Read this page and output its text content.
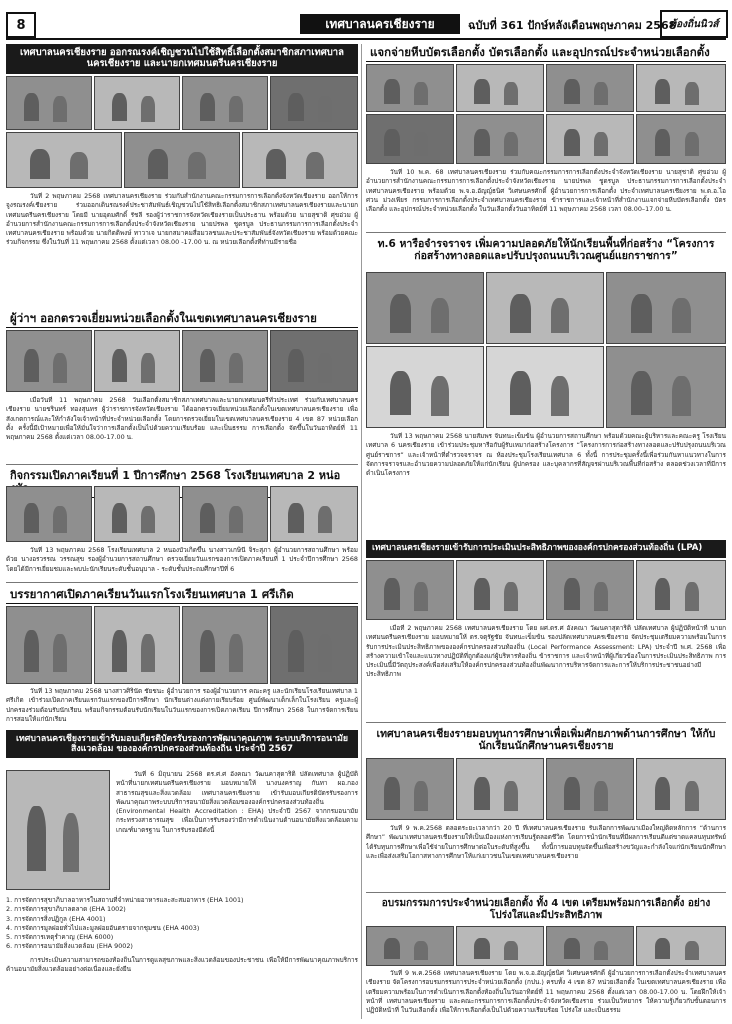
8	เทศบาลนครเชียงราย	ฉบับที่ 361 ปักษ์หลังเดือนพฤษภาคม 2568
ท้องถิ่นนิวส์
เทศบาลนครเชียงราย ออกรณรงค์เชิญชวนไปใช้สิทธิ์เลือกตั้งสมาชิกสภาเทศบาลนครเชียงราย และนายกเทศมนตรีนครเชียงราย
วันที่ 2 พฤษภาคม 2568 เทศบาลนครเชียงราย ร่วมกับสำนักงานคณะกรรมการการเลือกตั้งจังหวัดเชียงราย ออกให้การจูงรณรงค์เชียงราย ร่วมออกเดินรณรงค์ประชาสัมพันธ์เชิญชวนไปใช้สิทธิเลือกตั้งสมาชิกสภาเทศบาลนครเชียงรายและนายกเทศมนตรีนครเชียงราย โดยมี นายอุดมศักดิ์ รัชลี รองผู้ว่าราชการจังหวัดเชียงรายเป็นประธาน พร้อมด้วย นายสุชาติ ศุขอ่วม ผู้อำนวยการสำนักงานคณะกรรมการการเลือกตั้งประจำจังหวัดเชียงราย นายปรพล ชูดรบูล ประธานกรรมการการเลือกตั้งประจำเทศบาลนครเชียงราย พร้อมด้วย นายกิตติพงษ์ ทาวาเจ นายกสมาคมสื่อมวลชนและประชาสัมพันธ์จังหวัดเชียงราย พร้อมด้วยคณะ ร่วมกิจกรรม ซึ่งในวันที่ 11 พฤษภาคม 2568 ตั้งแต่เวลา 08.00 -17.00 น. ณ หน่วยเลือกตั้งที่ท่านมีรายชื่อ
ผู้ว่าฯ ออกตรวจเยี่ยมหน่วยเลือกตั้งในเขตเทศบาลนครเชียงราย
เมื่อวันที่ 11 พฤษภาคม 2568 วันเลือกตั้งสมาชิกสภาเทศบาลและนายกเทศมนตรีทั่วประเทศ ร่วมกับเทศบาลนครเชียงราย นายชรินทร์ ทองสุนทร ผู้ว่าราชการจังหวัดเชียงราย ได้ออกตรวจเยี่ยมหน่วยเลือกตั้งในเขตเทศบาลนครเชียงราย เพื่อสังเกตการณ์และให้กำลังใจเจ้าหน้าที่ประจำหน่วยเลือกตั้ง โดยการตรวจเยี่ยมในเขตเทศบาลนครเชียงราย 4 เขต 87 หน่วยเลือกตั้ง ครั้งนี้มีเป้าหมายเพื่อให้มั่นใจว่าการเลือกตั้งเป็นไปด้วยความเรียบร้อย และเป็นธรรม การเลือกตั้ง จัดขึ้นในวันอาทิตย์ที่ 11 พฤษภาคม 2568 ตั้งแต่เวลา 08.00-17.00 น.
กิจกรรมเปิดภาคเรียนที่ 1 ปีการศึกษา 2568 โรงเรียนเทศบาล 2 หน่อ
วันที่ 13 พฤษภาคม 2568 โรงเรียนเทศบาล 2 หนองบัวเกิดขึ้น นางสาวเกษินี จิระสุภา ผู้อำนวยการสถานศึกษา พร้อมด้วย นางอรวรรณ วรรณสุข รองผู้อำนวยการสถานศึกษา ตรวจเยี่ยมวันแรกของการเปิดภาคเรียนที่ 1 ประจำปีการศึกษา 2568 โดยได้มีการเยี่ยมชมและพบปะนักเรียนระดับชั้นอนุบาล - ระดับชั้นประถมศึกษาปีที่ 6
บรรยากาศเปิดภาคเรียนวันแรกโรงเรียนเทศบาล 1 ศรีเกิด
วันที่ 13 พฤษภาคม 2568 นางสาวศิรินัด ชัยชนะ ผู้อำนวยการ รองผู้อำนวยการ คณะครู และนักเรียนโรงเรียนเทศบาล 1 ศรีเกิด เข้าร่วมเปิดภาคเรียนแรกวันแรกของปีการศึกษา นักเรียนต่างแต่งกายเรียบร้อย ศูนย์พัฒนาเด็กเล็กในโรงเรียน ครูและผู้ปกครองร่วมต้อนรับนักเรียน พร้อมกิจกรรมต้อนรับนักเรียนในวันแรกของการเปิดภาคเรียน ปีการศึกษา 2568 ในการจัดการเรียนการสอนให้แก่นักเรียน
เทศบาลนครเชียงรายเข้ารับมอบเกียรติบัตรรับรองการพัฒนาคุณภาพ ระบบบริการอนามัยสิ่งแวดล้อม ขององค์กรปกครองส่วนท้องถิ่น ประจำปี 2567
วันที่ 6 มิถุนายน 2568 ดร.ศ.ศ อังคณา วัฒนคาสุดาริติ ปลัดเทศบาล ผู้ปฏิบัติหน้าที่นายกเทศมนตรีนครเชียงราย มอบหมายให้ นางนงคราญ กันทา ผอ.กองสาธารณสุขและสิ่งแวดล้อม เทศบาลนครเชียงราย เข้ารับมอบเกียรติบัตรรับรองการพัฒนาคุณภาพระบบบริการอนามัยสิ่งแวดล้อมขององค์กรปกครองส่วนท้องถิ่น (Environmental Health Accreditation : EHA) ประจำปี 2567 จากกรมอนามัย กระทรวงสาธารณสุข เพื่อเป็นการรับรองว่ามีการดำเนินงานด้านอนามัยสิ่งแวดล้อมตามเกณฑ์มาตรฐาน ในการรับรองมีดังนี้
1. การจัดการสุขาภิบาลอาหารในสถานที่จำหน่ายอาหารและสะสมอาหาร (EHA 1001)
2. การจัดการสุขาภิบาลตลาด (EHA 1002)
3. การจัดการสิ่งปฏิกูล (EHA 4001)
4. การจัดการมูลฝอยทั่วไปและมูลฝอยอันตรายจากชุมชน (EHA 4003)
5. การจัดการเหตุรำคาญ (EHA 6000)
6. การจัดการอนามัยสิ่งแวดล้อม (EHA 9002)
การประเมินความสามารถของท้องถิ่นในการดูแลสุขภาพและสิ่งแวดล้อมของประชาชน เพื่อให้มีการพัฒนาคุณภาพบริการด้านอนามัยสิ่งแวดล้อมอย่างต่อเนื่องและยั่งยืน
แจกจ่ายหีบบัตรเลือกตั้ง บัตรเลือกตั้ง และอุปกรณ์ประจำหน่วยเลือกตั้ง
วันที่ 10 พ.ค. 68 เทศบาลนครเชียงราย ร่วมกับคณะกรรมการการเลือกตั้งประจำจังหวัดเชียงราย นายสุชาติ ศุขอ่วม ผู้อำนวยการสำนักงานคณะกรรมการการเลือกตั้งประจำจังหวัดเชียงราย นายปรพล ชูดรบูล ประธานกรรมการการเลือกตั้งประจำเทศบาลนครเชียงราย พร้อมด้วย พ.จ.อ.อัญญ์ธนิศ วิเศษนครศักดิ์ ผู้อำนวยการการเลือกตั้ง ประจำเทศบาลนครเชียงราย พ.ต.อ.ไอศวน ม่วงเพียร กรรมการการเลือกตั้งประจำเทศบาลนครเชียงราย ข้าราชการและเจ้าหน้าที่สำนักงานแจกจ่ายหีบบัตรเลือกตั้ง บัตรเลือกตั้ง และอุปกรณ์ประจำหน่วยเลือกตั้ง ในวันเลือกตั้งวันอาทิตย์ที่ 11 พฤษภาคม 2568 เวลา 08.00–17.00 น.
ท.6 หารือจำรจราจร เพิ่มความปลอดภัยให้นักเรียนพื้นที่ก่อสร้าง “โครงการก่อสร้างทางลอดและปรับปรุงถนนบริเวณศูนย์แยกราชการ”
วันที่ 13 พฤษภาคม 2568 นายสัมพร จันทนะเข็มข้น ผู้อำนวยการสถานศึกษา พร้อมด้วยคณะผู้บริหารและคณะครู โรงเรียนเทศบาล 6 นครเชียงราย เข้าร่วมประชุมหารือกับผู้รับเหมาก่อสร้างโครงการ “โครงการการก่อสร้างทางลอดและปรับปรุงถนนบริเวณศูนย์ราชการ” และเจ้าหน้าที่ตำรวจจราจร ณ ห้องประชุมโรงเรียนเทศบาล 6 ทั้งนี้ การประชุมครั้งนี้เพื่อร่วมกันหาแนวทางในการจัดการจราจรและอำนวยความปลอดภัยให้แก่นักเรียน ผู้ปกครอง และบุคลากรที่สัญจรผ่านบริเวณพื้นที่ก่อสร้าง ตลอดช่วงเวลาที่มีการดำเนินโครงการ
เทศบาลนครเชียงรายเข้ารับการประเมินประสิทธิภาพขององค์กรปกครองส่วนท้องถิ่น (LPA)
เมื่อที่ 2 พฤษภาคม 2568 เทศบาลนครเชียงราย โดย ผศ.ดร.ศ อังคณา วัฒนคาสุดาริติ ปลัดเทศบาล ผู้ปฏิบัติหน้าที่ นายกเทศมนตรีนครเชียงราย มอบหมายให้ ดร.จตุรัฐชัย จันทนะเข็มข้น รองปลัดเทศบาลนครเชียงราย จัดประชุมเตรียมความพร้อมในการรับการประเมินประสิทธิภาพขององค์กรปกครองส่วนท้องถิ่น (Local Performance Assessment: LPA) ประจำปี พ.ศ. 2568 เพื่อสร้างความเข้าใจและแนวทางปฏิบัติที่ถูกต้องแก่ผู้บริหารท้องถิ่น ข้าราชการ และเจ้าหน้าที่ผู้เกี่ยวข้องในการประเมินประสิทธิภาพ การประเมินนี้มีวัตถุประสงค์เพื่อส่งเสริมให้องค์กรปกครองส่วนท้องถิ่นพัฒนาการบริหารจัดการและการให้บริการประชาชนอย่างมีประสิทธิภาพ
เทศบาลนครเชียงรายมอบทุนการศึกษาเพื่อเพิ่มศักยภาพด้านการศึกษา ให้กับนักเรียนนักศึกษานครเชียงราย
วันที่ 9 พ.ค.2568 ตลอดระยะเวลากว่า 20 ปี ที่เทศบาลนครเชียงราย รับเลือกการพัฒนาเมืองใหญ่ติดหลักการ “ด้านการศึกษา” พัฒนาเทศบาลนครเชียงรายให้เป็นเมืองแห่งการเรียนรู้ตลอดชีวิต โดยการนำนักเรียนที่มีผลการเรียนดีแต่ขาดแคลนทุนทรัพย์ได้รับทุนการศึกษาเพื่อใช้จ่ายในการศึกษาต่อในระดับที่สูงขึ้น ทั้งนี้การมอบทุนจัดขึ้นเพื่อสร้างขวัญและกำลังใจแก่นักเรียนนักศึกษา และเพื่อส่งเสริมโอกาสทางการศึกษาให้แก่เยาวชนในเขตเทศบาลนครเชียงราย
อบรมกรรมการประจำหน่วยเลือกตั้ง ทั้ง 4 เขต เตรียมพร้อมการเลือกตั้ง อย่างโปร่งใสและมีประสิทธิภาพ
วันที่ 9 พ.ค.2568 เทศบาลนครเชียงราย โดย พ.จ.อ.อัญญ์ธนิศ วิเศษนครศักดิ์ ผู้อำนวยการการเลือกตั้งประจำเทศบาลนครเชียงราย จัดโครงการอบรมกรรมการประจำหน่วยเลือกตั้ง (กปน.) ครบทั้ง 4 เขต 87 หน่วยเลือกตั้ง ในเขตเทศบาลนครเชียงราย เพื่อเตรียมความพร้อมในการดำเนินการเลือกตั้งท้องถิ่นในวันอาทิตย์ที่ 11 พฤษภาคม 2568 ตั้งแต่เวลา 08.00-17.00 น. โดยฝึกให้เจ้าหน้าที่ เทศบาลนครเชียงราย และคณะกรรมการการเลือกตั้งประจำจังหวัดเชียงราย ร่วมเป็นวิทยากร ให้ความรู้เกี่ยวกับขั้นตอนการปฏิบัติหน้าที่ ในวันเลือกตั้ง เพื่อให้การเลือกตั้งเป็นไปด้วยความเรียบร้อย โปร่งใส และเป็นธรรม
